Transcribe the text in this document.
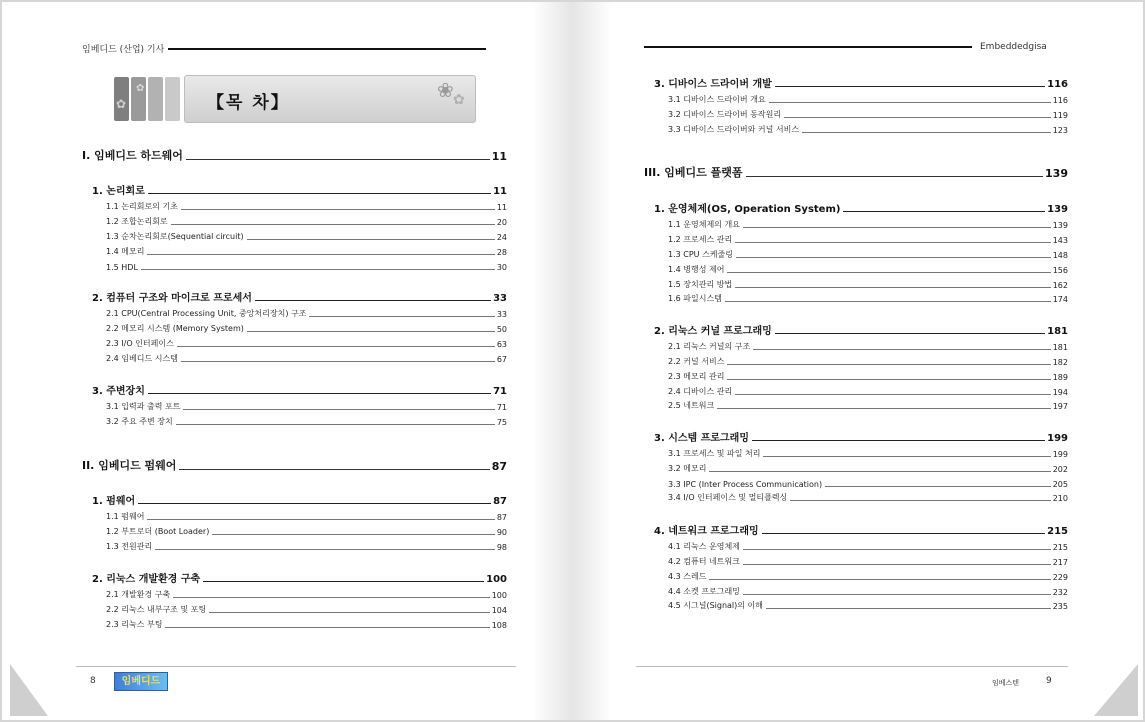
임베디드 (산업) 기사
✿
✿
【목 차】
❀ ✿
I. 임베디드 하드웨어	11
1. 논리회로	11
1.1 논리회로의 기초	11
1.2 조합논리회로	20
1.3 순차논리회로(Sequential circuit)	24
1.4 메모리	28
1.5 HDL	30
2. 컴퓨터 구조와 마이크로 프로세서	33
2.1 CPU(Central Processing Unit, 중앙처리장치) 구조	33
2.2 메모리 시스템 (Memory System)	50
2.3 I/O 인터페이스	63
2.4 임베디드 시스템	67
3. 주변장치	71
3.1 입력과 출력 포트	71
3.2 주요 주변 장치	75
II. 임베디드 펌웨어	87
1. 펌웨어	87
1.1 펌웨어	87
1.2 부트로더 (Boot Loader)	90
1.3 전원관리	98
2. 리눅스 개발환경 구축	100
2.1 개발환경 구축	100
2.2 리눅스 내부구조 및 포팅	104
2.3 리눅스 부팅	108
8	임베디드
Embeddedgisa
3. 디바이스 드라이버 개발	116
3.1 디바이스 드라이버 개요	116
3.2 디바이스 드라이버 동작원리	119
3.3 디바이스 드라이버와 커널 서비스	123
III. 임베디드 플랫폼	139
1. 운영체제(OS, Operation System)	139
1.1 운영체제의 개요	139
1.2 프로세스 관리	143
1.3 CPU 스케줄링	148
1.4 병행성 제어	156
1.5 장치관리 방법	162
1.6 파일시스템	174
2. 리눅스 커널 프로그래밍	181
2.1 리눅스 커널의 구조	181
2.2 커널 서비스	182
2.3 메모리 관리	189
2.4 디바이스 관리	194
2.5 네트워크	197
3. 시스템 프로그래밍	199
3.1 프로세스 및 파일 처리	199
3.2 메모리	202
3.3 IPC (Inter Process Communication)	205
3.4 I/O 인터페이스 및 멀티플렉싱	210
4. 네트워크 프로그래밍	215
4.1 리눅스 운영체제	215
4.2 컴퓨터 네트워크	217
4.3 스레드	229
4.4 소켓 프로그래밍	232
4.5 시그널(Signal)의 이해	235
임베스텐	9
